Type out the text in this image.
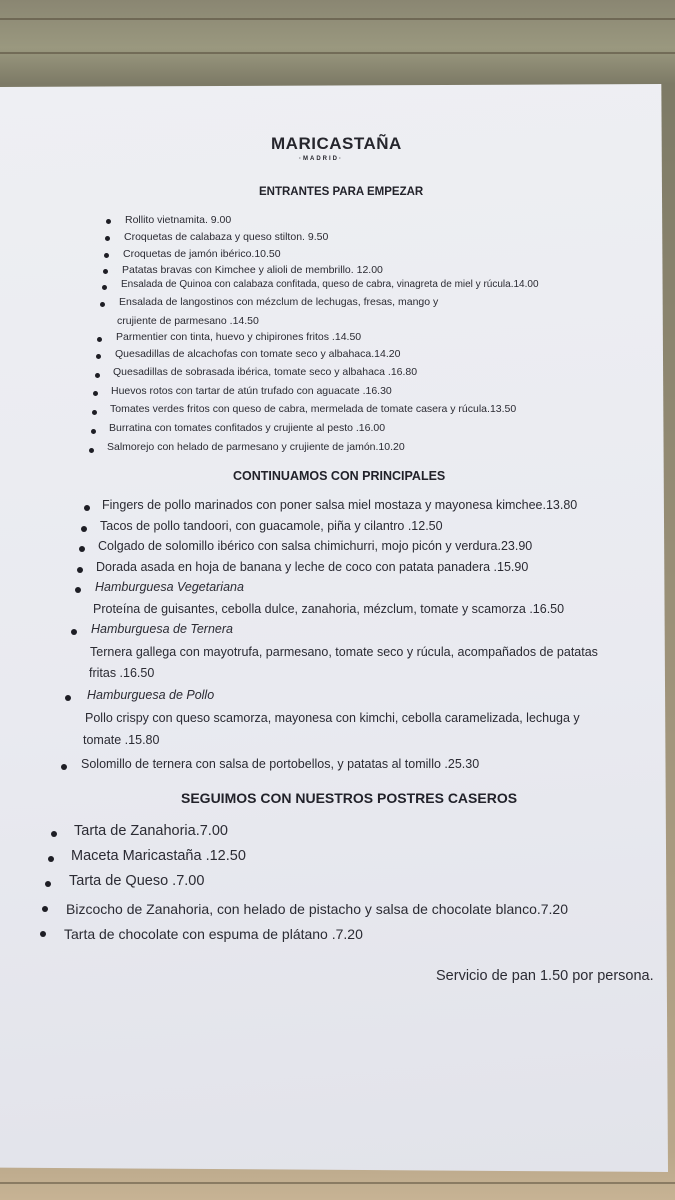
MARICASTAÑA
·MADRID·
ENTRANTES PARA EMPEZAR
Rollito vietnamita. 9.00
Croquetas de calabaza y queso stilton. 9.50
Croquetas de jamón ibérico.10.50
Patatas bravas con Kimchee y alioli de membrillo. 12.00
Ensalada de Quinoa con calabaza confitada, queso de cabra, vinagreta de miel y rúcula.14.00
Ensalada de langostinos con mézclum de lechugas, fresas, mango y
crujiente de parmesano .14.50
Parmentier con tinta, huevo y chipirones fritos .14.50
Quesadillas de alcachofas con tomate seco y albahaca.14.20
Quesadillas de sobrasada ibérica, tomate seco y albahaca .16.80
Huevos rotos con tartar de atún trufado con aguacate .16.30
Tomates verdes fritos con queso de cabra, mermelada de tomate casera y rúcula.13.50
Burratina con tomates confitados y crujiente al pesto .16.00
Salmorejo con helado de parmesano y crujiente de jamón.10.20
CONTINUAMOS CON PRINCIPALES
Fingers de pollo marinados con poner salsa miel mostaza y mayonesa kimchee.13.80
Tacos de pollo tandoori, con guacamole, piña y cilantro .12.50
Colgado de solomillo ibérico con salsa chimichurri, mojo picón y verdura.23.90
Dorada asada en hoja de banana y leche de coco con patata panadera .15.90
Hamburguesa Vegetariana
Proteína de guisantes, cebolla dulce, zanahoria, mézclum, tomate y scamorza .16.50
Hamburguesa de Ternera
Ternera gallega con mayotrufa, parmesano, tomate seco y rúcula, acompañados de patatas
fritas .16.50
Hamburguesa de Pollo
Pollo crispy con queso scamorza, mayonesa con kimchi, cebolla caramelizada, lechuga y
tomate .15.80
Solomillo de ternera con salsa de portobellos, y patatas al tomillo .25.30
SEGUIMOS CON NUESTROS POSTRES CASEROS
Tarta de Zanahoria.7.00
Maceta Maricastaña .12.50
Tarta de Queso .7.00
Bizcocho de Zanahoria, con helado de pistacho y salsa de chocolate blanco.7.20
Tarta de chocolate con espuma de plátano .7.20
Servicio de pan 1.50 por persona.
